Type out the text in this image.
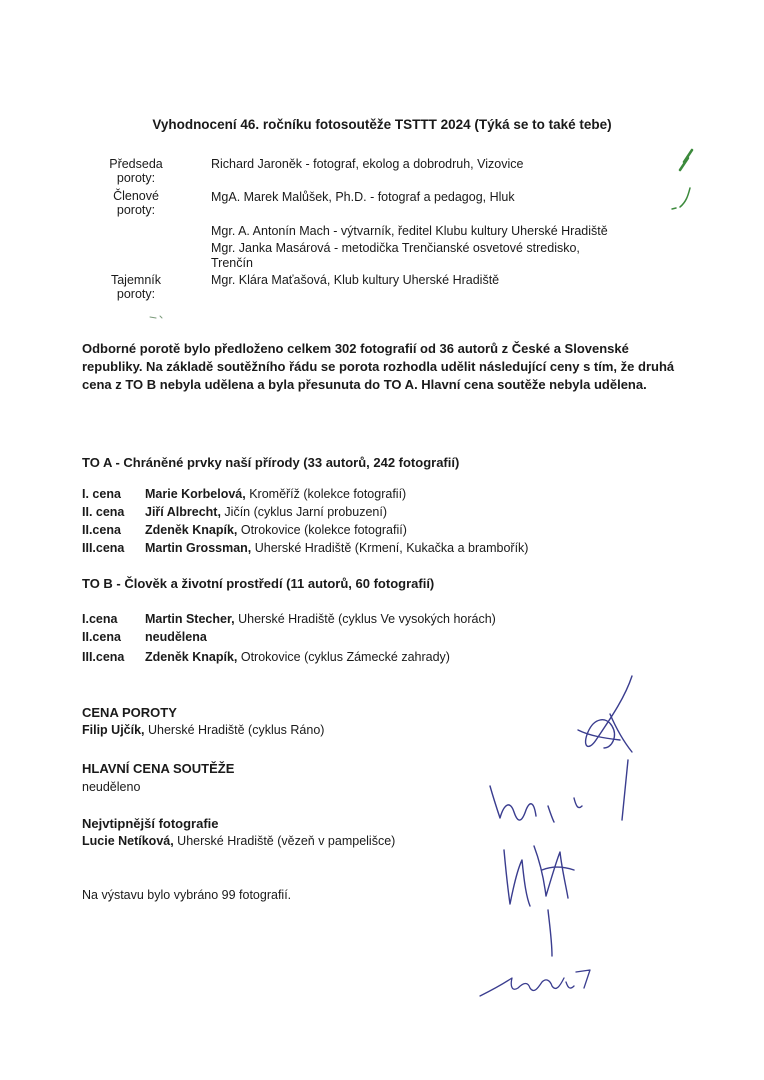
Vyhodnocení 46. ročníku fotosoutěže TSTTT 2024 (Týká se to také tebe)
Předseda
poroty:
Richard Jaroněk - fotograf, ekolog a dobrodruh, Vizovice
Členové
poroty:
MgA. Marek Malůšek, Ph.D. - fotograf a pedagog, Hluk
Mgr. A. Antonín Mach - výtvarník, ředitel Klubu kultury Uherské Hradiště
Mgr. Janka Masárová - metodička Trenčianské osvetové stredisko,
Trenčín
Tajemník
poroty:
Mgr. Klára Maťašová, Klub kultury Uherské Hradiště
Odborné porotě bylo předloženo celkem 302 fotografií od 36 autorů z České a Slovenské republiky. Na základě soutěžního řádu se porota rozhodla udělit následující ceny s tím, že druhá cena z TO B nebyla udělena a byla přesunuta do TO A. Hlavní cena soutěže nebyla udělena.
TO A - Chráněné prvky naší přírody (33 autorů, 242 fotografií)
I. cena Marie Korbelová, Kroměříž (kolekce fotografií)
II. cena Jiří Albrecht, Jičín (cyklus Jarní probuzení)
II.cena Zdeněk Knapík, Otrokovice (kolekce fotografií)
III.cena Martin Grossman, Uherské Hradiště (Krmení, Kukačka a brambořík)
TO B - Člověk a životní prostředí (11 autorů, 60 fotografií)
I.cena Martin Stecher, Uherské Hradiště (cyklus Ve vysokých horách)
II.cena neudělena
III.cena Zdeněk Knapík, Otrokovice (cyklus Zámecké zahrady)
CENA POROTY
Filip Ujčík, Uherské Hradiště (cyklus Ráno)
HLAVNÍ CENA SOUTĚŽE
neuděleno
Nejvtipnější fotografie
Lucie Netíková, Uherské Hradiště (vězeň v pampelišce)
Na výstavu bylo vybráno 99 fotografií.
